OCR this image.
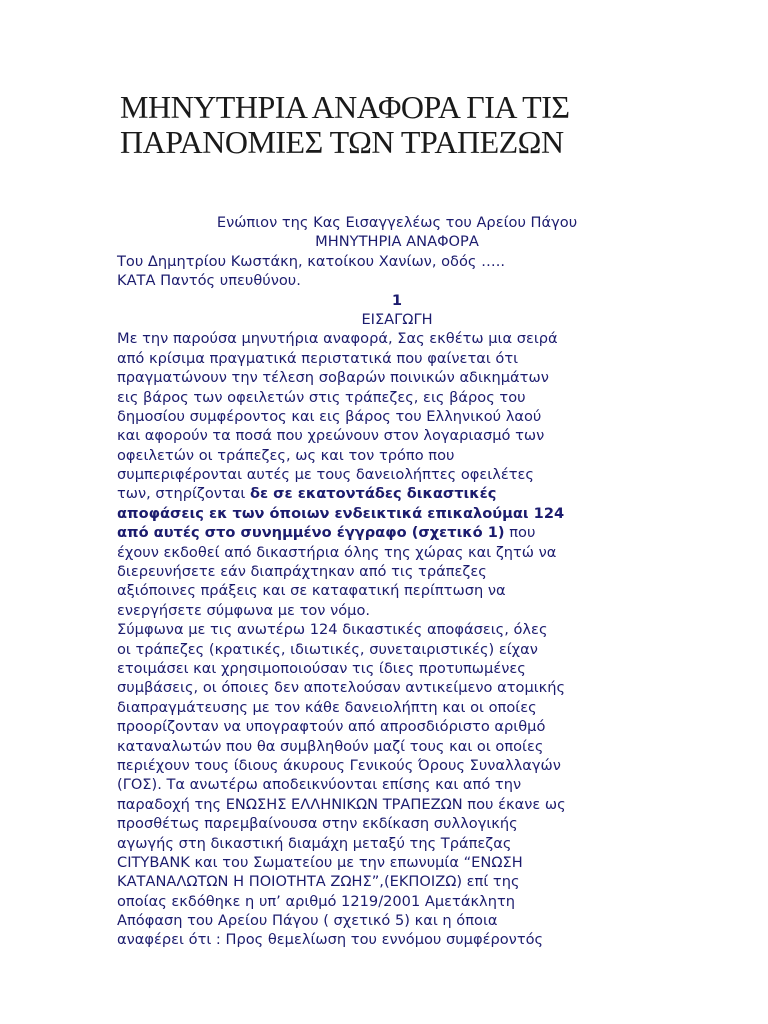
ΜΗΝΥΤΗΡΙΑ ΑΝΑΦΟΡΑ ΓΙΑ ΤΙΣ
ΠΑΡΑΝΟΜΙΕΣ ΤΩΝ ΤΡΑΠΕΖΩΝ
Ενώπιον της Κας Εισαγγελέως του Αρείου Πάγου
ΜΗΝΥΤΗΡΙΑ ΑΝΑΦΟΡΑ
Του Δημητρίου Κωστάκη, κατοίκου Χανίων, οδός …..
ΚΑΤΑ Παντός υπευθύνου.
1
ΕΙΣΑΓΩΓΗ
Με την παρούσα μηνυτήρια αναφορά, Σας εκθέτω μια σειρά
από κρίσιμα πραγματικά περιστατικά που φαίνεται ότι
πραγματώνουν την τέλεση σοβαρών ποινικών αδικημάτων
εις βάρος των οφειλετών στις τράπεζες, εις βάρος του
δημοσίου συμφέροντος και εις βάρος του Ελληνικού λαού
και αφορούν τα ποσά που χρεώνουν στον λογαριασμό των
οφειλετών οι τράπεζες, ως και τον τρόπο που
συμπεριφέρονται αυτές με τους δανειολήπτες οφειλέτες
των, στηρίζονται δε σε εκατοντάδες δικαστικές
αποφάσεις εκ των όποιων ενδεικτικά επικαλούμαι 124
από αυτές στο συνημμένο έγγραφο (σχετικό 1) που
έχουν εκδοθεί από δικαστήρια όλης της χώρας και ζητώ να
διερευνήσετε εάν διαπράχτηκαν από τις τράπεζες
αξιόποινες πράξεις και σε καταφατική περίπτωση να
ενεργήσετε σύμφωνα με τον νόμο.
Σύμφωνα με τις ανωτέρω 124 δικαστικές αποφάσεις, όλες
οι τράπεζες (κρατικές, ιδιωτικές, συνεταιριστικές) είχαν
ετοιμάσει και χρησιμοποιούσαν τις ίδιες προτυπωμένες
συμβάσεις, οι όποιες δεν αποτελούσαν αντικείμενο ατομικής
διαπραγμάτευσης με τον κάθε δανειολήπτη και οι οποίες
προορίζονταν να υπογραφτούν από απροσδιόριστο αριθμό
καταναλωτών που θα συμβληθούν μαζί τους και οι οποίες
περιέχουν τους ίδιους άκυρους Γενικούς Όρους Συναλλαγών
(ΓΟΣ). Τα ανωτέρω αποδεικνύονται επίσης και από την
παραδοχή της ΕΝΩΣΗΣ ΕΛΛΗΝΙΚΩΝ ΤΡΑΠΕΖΩΝ που έκανε ως
προσθέτως παρεμβαίνουσα στην εκδίκαση συλλογικής
αγωγής στη δικαστική διαμάχη μεταξύ της Τράπεζας
CITYBANK και του Σωματείου με την επωνυμία “ΕΝΩΣΗ
ΚΑΤΑΝΑΛΩΤΩΝ Η ΠΟΙΟΤΗΤΑ ΖΩΗΣ”,(ΕΚΠΟΙΖΩ) επί της
οποίας εκδόθηκε η υπ’ αριθμό 1219/2001 Αμετάκλητη
Απόφαση του Αρείου Πάγου ( σχετικό 5) και η όποια
αναφέρει ότι : Προς θεμελίωση του εννόμου συμφέροντός
